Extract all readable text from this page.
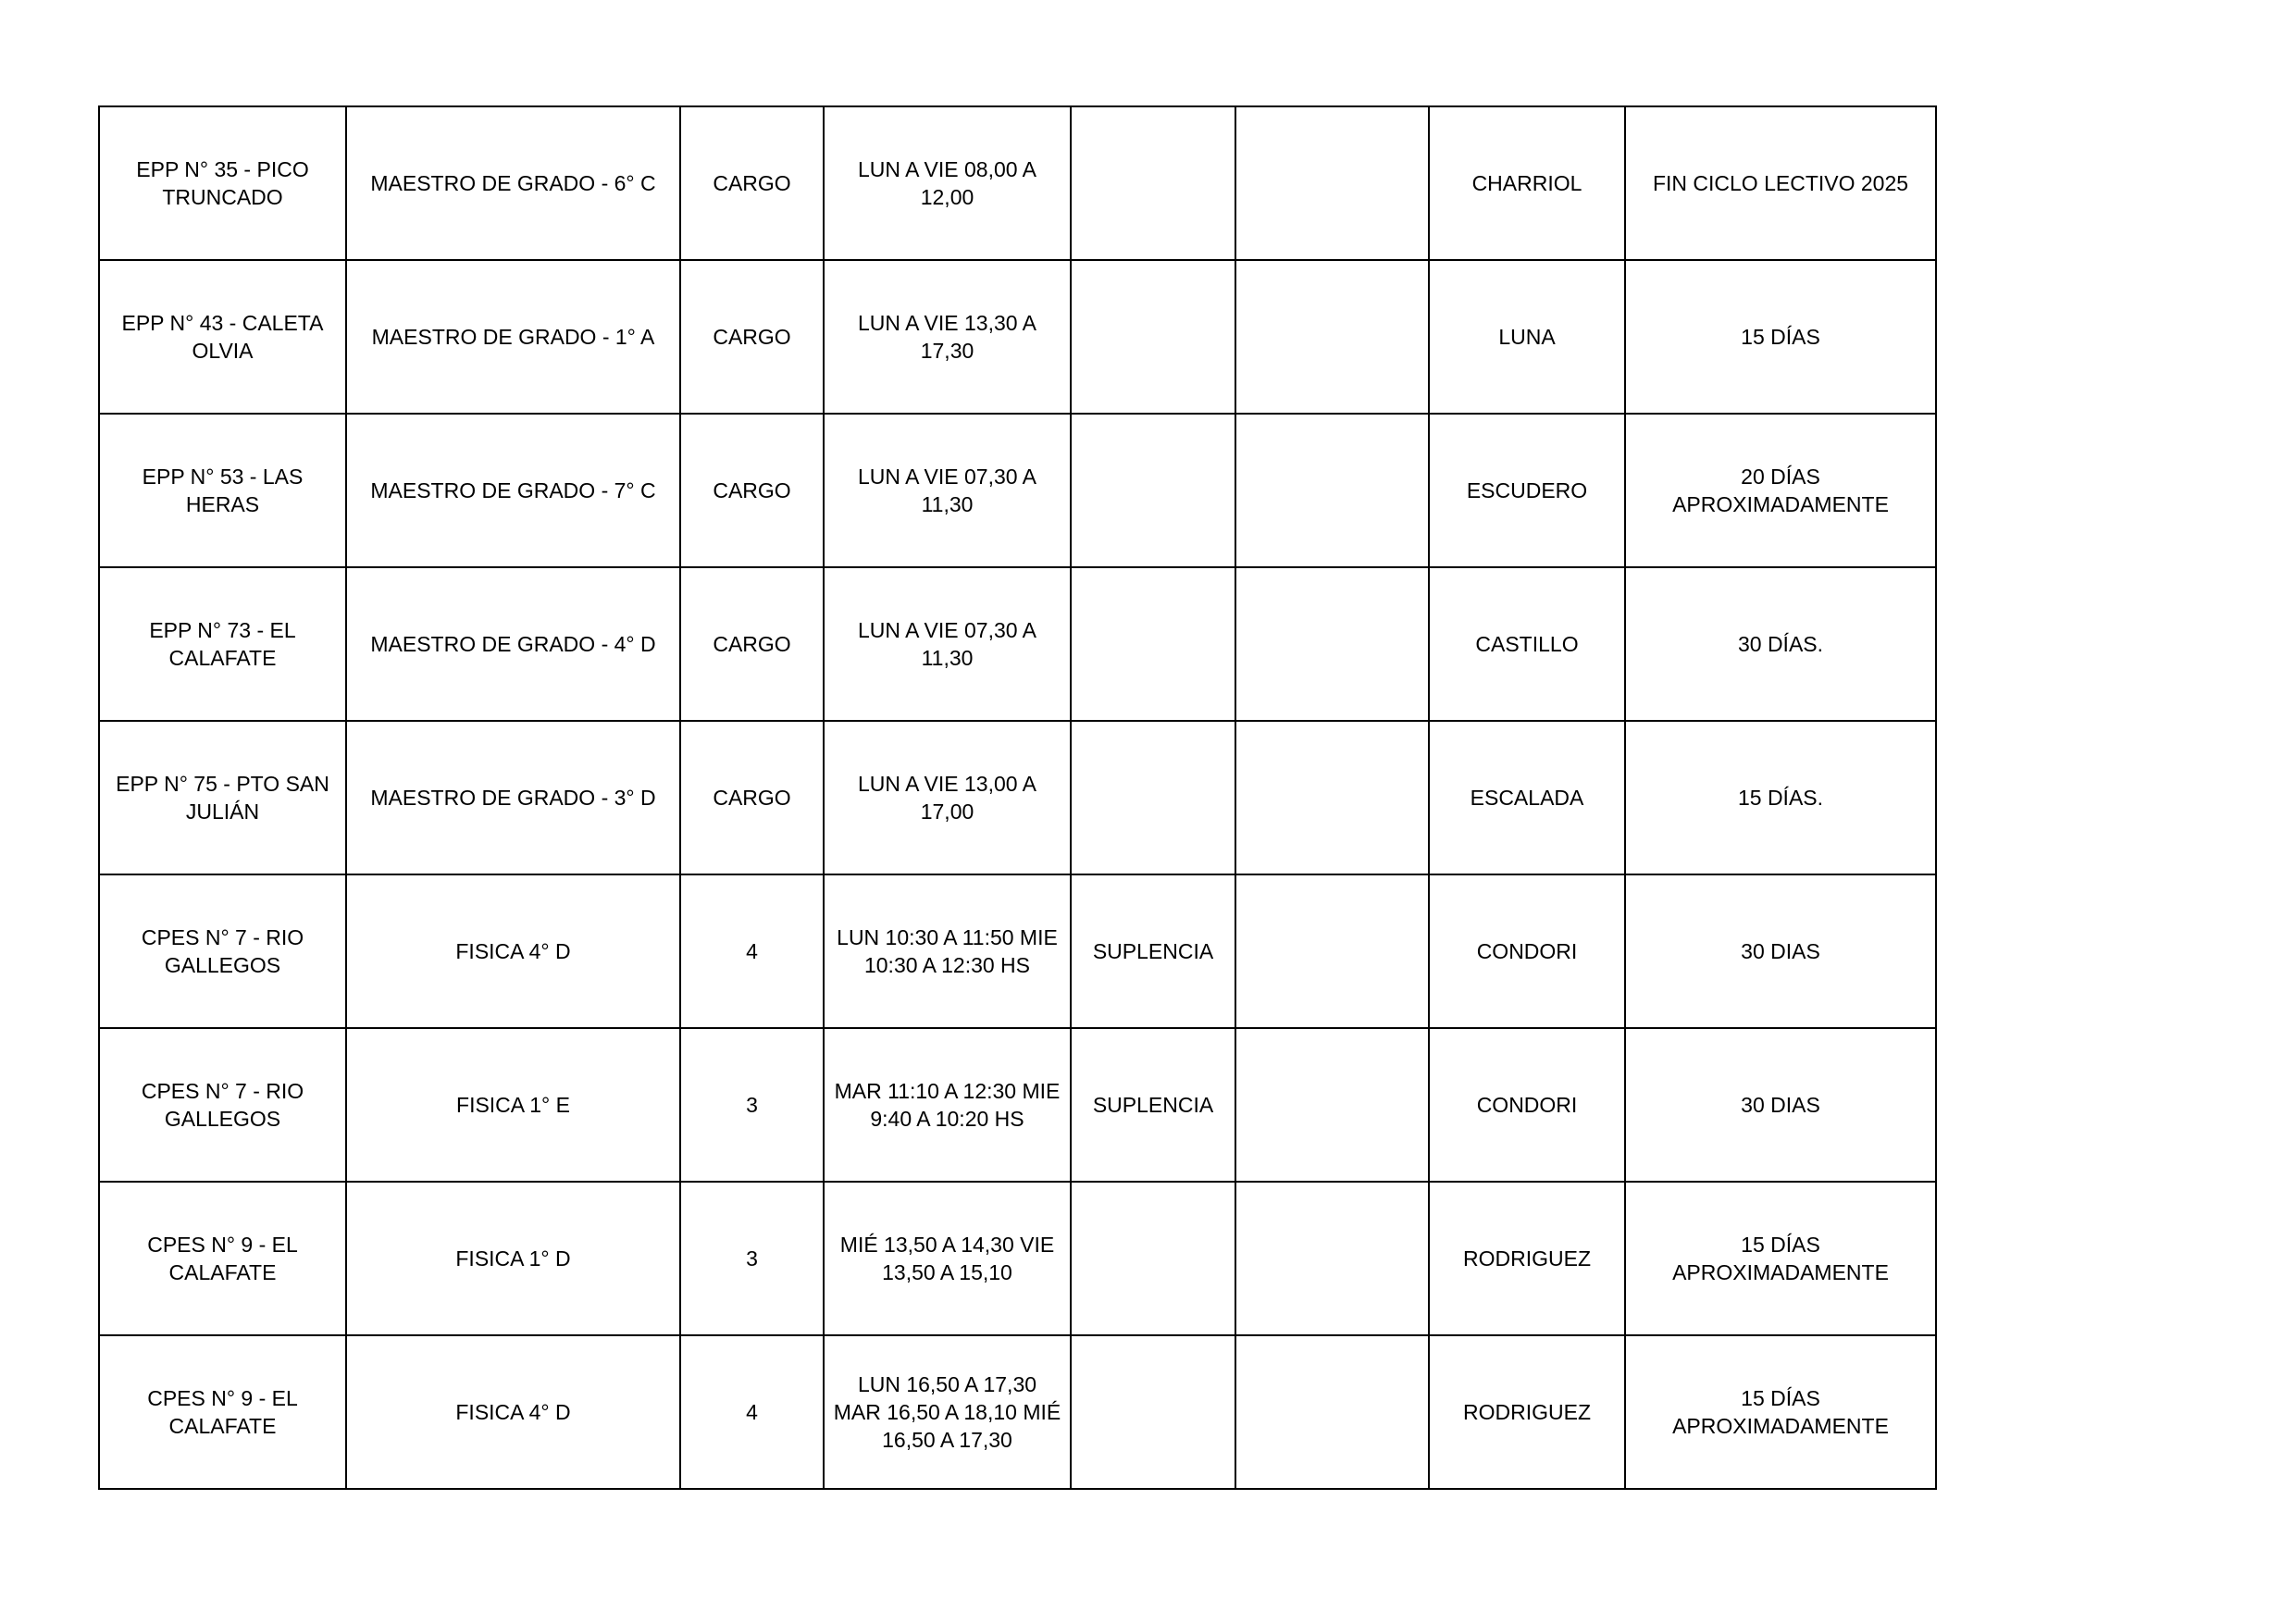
EPP N° 35 - PICO
TRUNCADO	MAESTRO DE GRADO - 6° C	CARGO	LUN A VIE 08,00 A
12,00			CHARRIOL	FIN CICLO LECTIVO 2025
EPP N° 43 - CALETA
OLVIA	MAESTRO DE GRADO - 1° A	CARGO	LUN A VIE 13,30 A
17,30			LUNA	15 DÍAS
EPP N° 53 - LAS
HERAS	MAESTRO DE GRADO - 7° C	CARGO	LUN A VIE 07,30 A
11,30			ESCUDERO	20 DÍAS
APROXIMADAMENTE
EPP N° 73 - EL
CALAFATE	MAESTRO DE GRADO - 4° D	CARGO	LUN A VIE 07,30 A
11,30			CASTILLO	30 DÍAS.
EPP N° 75 - PTO SAN
JULIÁN	MAESTRO DE GRADO - 3° D	CARGO	LUN A VIE 13,00 A
17,00			ESCALADA	15 DÍAS.
CPES N° 7 - RIO
GALLEGOS	FISICA 4° D	4	LUN 10:30 A 11:50 MIE
10:30 A 12:30 HS	SUPLENCIA		CONDORI	30 DIAS
CPES N° 7 - RIO
GALLEGOS	FISICA 1° E	3	MAR 11:10 A 12:30 MIE
9:40 A 10:20 HS	SUPLENCIA		CONDORI	30 DIAS
CPES N° 9 - EL
CALAFATE	FISICA 1° D	3	MIÉ 13,50 A 14,30 VIE
13,50 A 15,10			RODRIGUEZ	15 DÍAS
APROXIMADAMENTE
CPES N° 9 - EL
CALAFATE	FISICA 4° D	4	LUN 16,50 A 17,30
MAR 16,50 A 18,10 MIÉ
16,50 A 17,30			RODRIGUEZ	15 DÍAS
APROXIMADAMENTE
